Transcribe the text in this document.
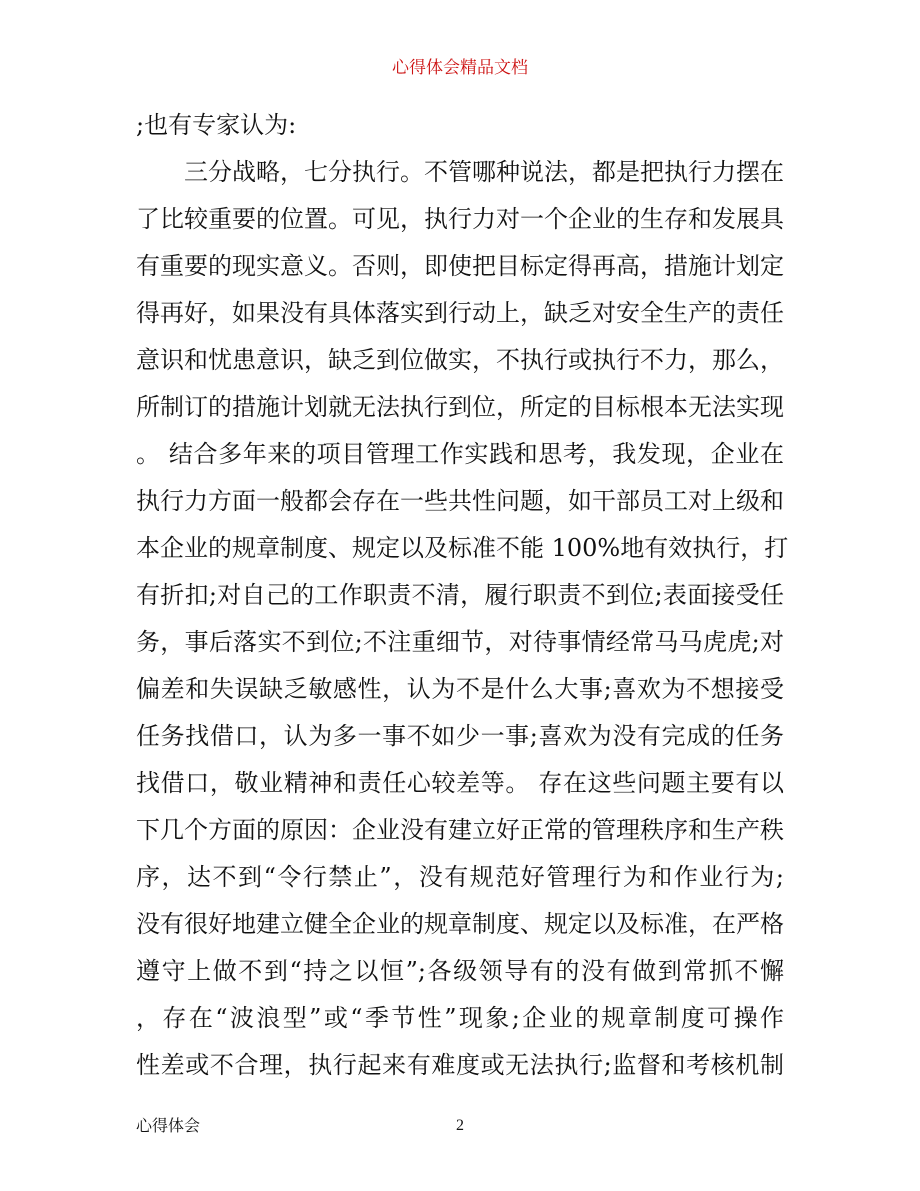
心得体会精品文档
;也有专家认为:
三分战略，七分执行。不管哪种说法，都是把执行力摆在
了比较重要的位置。可见，执行力对一个企业的生存和发展具
有重要的现实意义。否则，即使把目标定得再高，措施计划定
得再好，如果没有具体落实到行动上，缺乏对安全生产的责任
意识和忧患意识，缺乏到位做实，不执行或执行不力，那么，
所制订的措施计划就无法执行到位，所定的目标根本无法实现
。 结合多年来的项目管理工作实践和思考，我发现，企业在
执行力方面一般都会存在一些共性问题，如干部员工对上级和
本企业的规章制度、规定以及标准不能 100%地有效执行，打
有折扣;对自己的工作职责不清，履行职责不到位;表面接受任
务，事后落实不到位;不注重细节，对待事情经常马马虎虎;对
偏差和失误缺乏敏感性，认为不是什么大事;喜欢为不想接受
任务找借口，认为多一事不如少一事;喜欢为没有完成的任务
找借口，敬业精神和责任心较差等。 存在这些问题主要有以
下几个方面的原因：企业没有建立好正常的管理秩序和生产秩
序，达不到“令行禁止”，没有规范好管理行为和作业行为;
没有很好地建立健全企业的规章制度、规定以及标准，在严格
遵守上做不到“持之以恒”;各级领导有的没有做到常抓不懈
，存在“波浪型”或“季节性”现象;企业的规章制度可操作
性差或不合理，执行起来有难度或无法执行;监督和考核机制
心得体会	2
